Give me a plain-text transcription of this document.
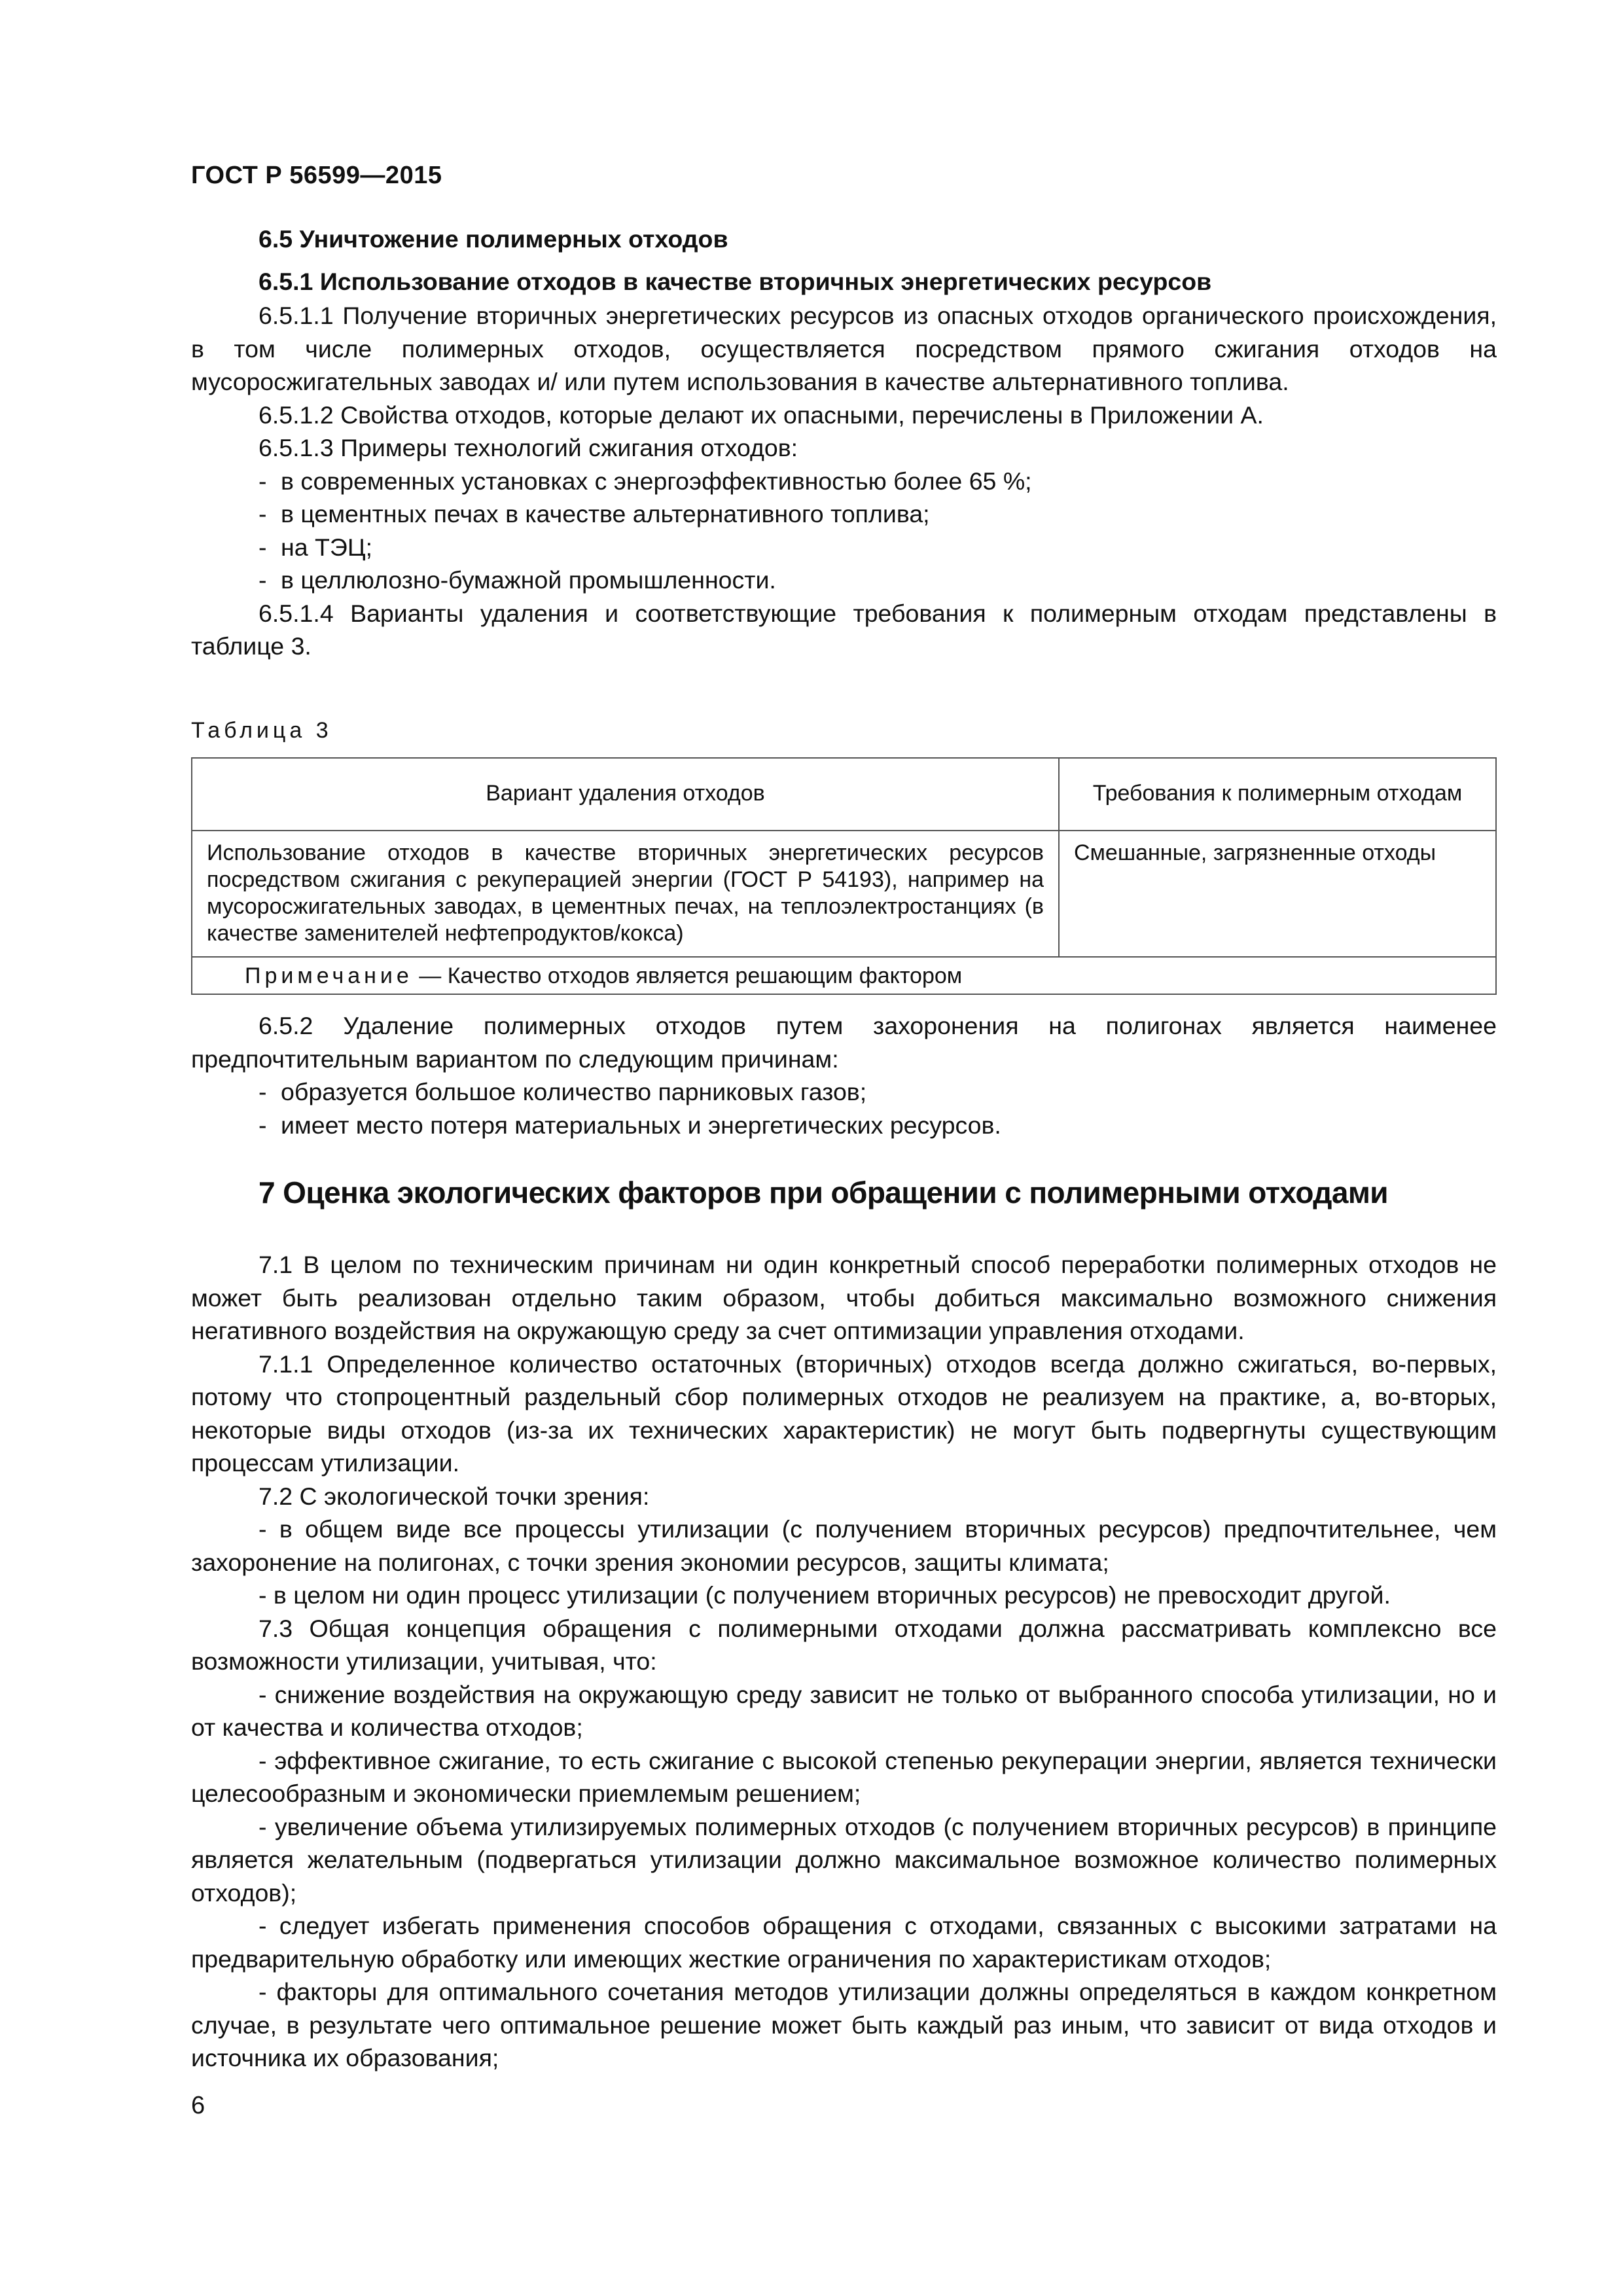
ГОСТ Р 56599—2015
6.5 Уничтожение полимерных отходов
6.5.1 Использование отходов в качестве вторичных энергетических ресурсов

6.5.1.1 Получение вторичных энергетических ресурсов из опасных отходов органического происхождения, в том числе полимерных отходов, осуществляется посредством прямого сжигания отходов на мусоросжигательных заводах и/ или путем использования в качестве альтернативного топлива.

6.5.1.2 Свойства отходов, которые делают их опасными, перечислены в Приложении А.

6.5.1.3 Примеры технологий сжигания отходов:

- в современных установках с энергоэффективностью более 65 %;

- в цементных печах в качестве альтернативного топлива;

- на ТЭЦ;

- в целлюлозно-бумажной промышленности.

6.5.1.4 Варианты удаления и соответствующие требования к полимерным отходам представлены в таблице 3.

Таблица 3
Вариант удаления отходов	Требования к полимерным отходам
Использование отходов в качестве вторичных энергетических ресурсов посредством сжигания с рекуперацией энергии (ГОСТ Р 54193), например на мусоросжигательных заводах, в цементных печах, на теплоэлектростанциях (в качестве заменителей нефтепродуктов/кокса)	Смешанные, загрязненные отходы
Примечание — Качество отходов является решающим фактором	

6.5.2 Удаление полимерных отходов путем захоронения на полигонах является наименее предпочтительным вариантом по следующим причинам:

- образуется большое количество парниковых газов;

- имеет место потеря материальных и энергетических ресурсов.

7 Оценка экологических факторов при обращении с полимерными отходами

7.1 В целом по техническим причинам ни один конкретный способ переработки полимерных отходов не может быть реализован отдельно таким образом, чтобы добиться максимально возможного снижения негативного воздействия на окружающую среду за счет оптимизации управления отходами.

7.1.1 Определенное количество остаточных (вторичных) отходов всегда должно сжигаться, во-первых, потому что стопроцентный раздельный сбор полимерных отходов не реализуем на практике, а, во-вторых, некоторые виды отходов (из-за их технических характеристик) не могут быть подвергнуты существующим процессам утилизации.

7.2 С экологической точки зрения:

- в общем виде все процессы утилизации (с получением вторичных ресурсов) предпочтительнее, чем захоронение на полигонах, с точки зрения экономии ресурсов, защиты климата;

- в целом ни один процесс утилизации (с получением вторичных ресурсов) не превосходит другой.

7.3 Общая концепция обращения с полимерными отходами должна рассматривать комплексно все возможности утилизации, учитывая, что:

- снижение воздействия на окружающую среду зависит не только от выбранного способа утилизации, но и от качества и количества отходов;

- эффективное сжигание, то есть сжигание с высокой степенью рекуперации энергии, является технически целесообразным и экономически приемлемым решением;

- увеличение объема утилизируемых полимерных отходов (с получением вторичных ресурсов) в принципе является желательным (подвергаться утилизации должно максимальное возможное количество полимерных отходов);

- следует избегать применения способов обращения с отходами, связанных с высокими затратами на предварительную обработку или имеющих жесткие ограничения по характеристикам отходов;

- факторы для оптимального сочетания методов утилизации должны определяться в каждом конкретном случае, в результате чего оптимальное решение может быть каждый раз иным, что зависит от вида отходов и источника их образования;

6
